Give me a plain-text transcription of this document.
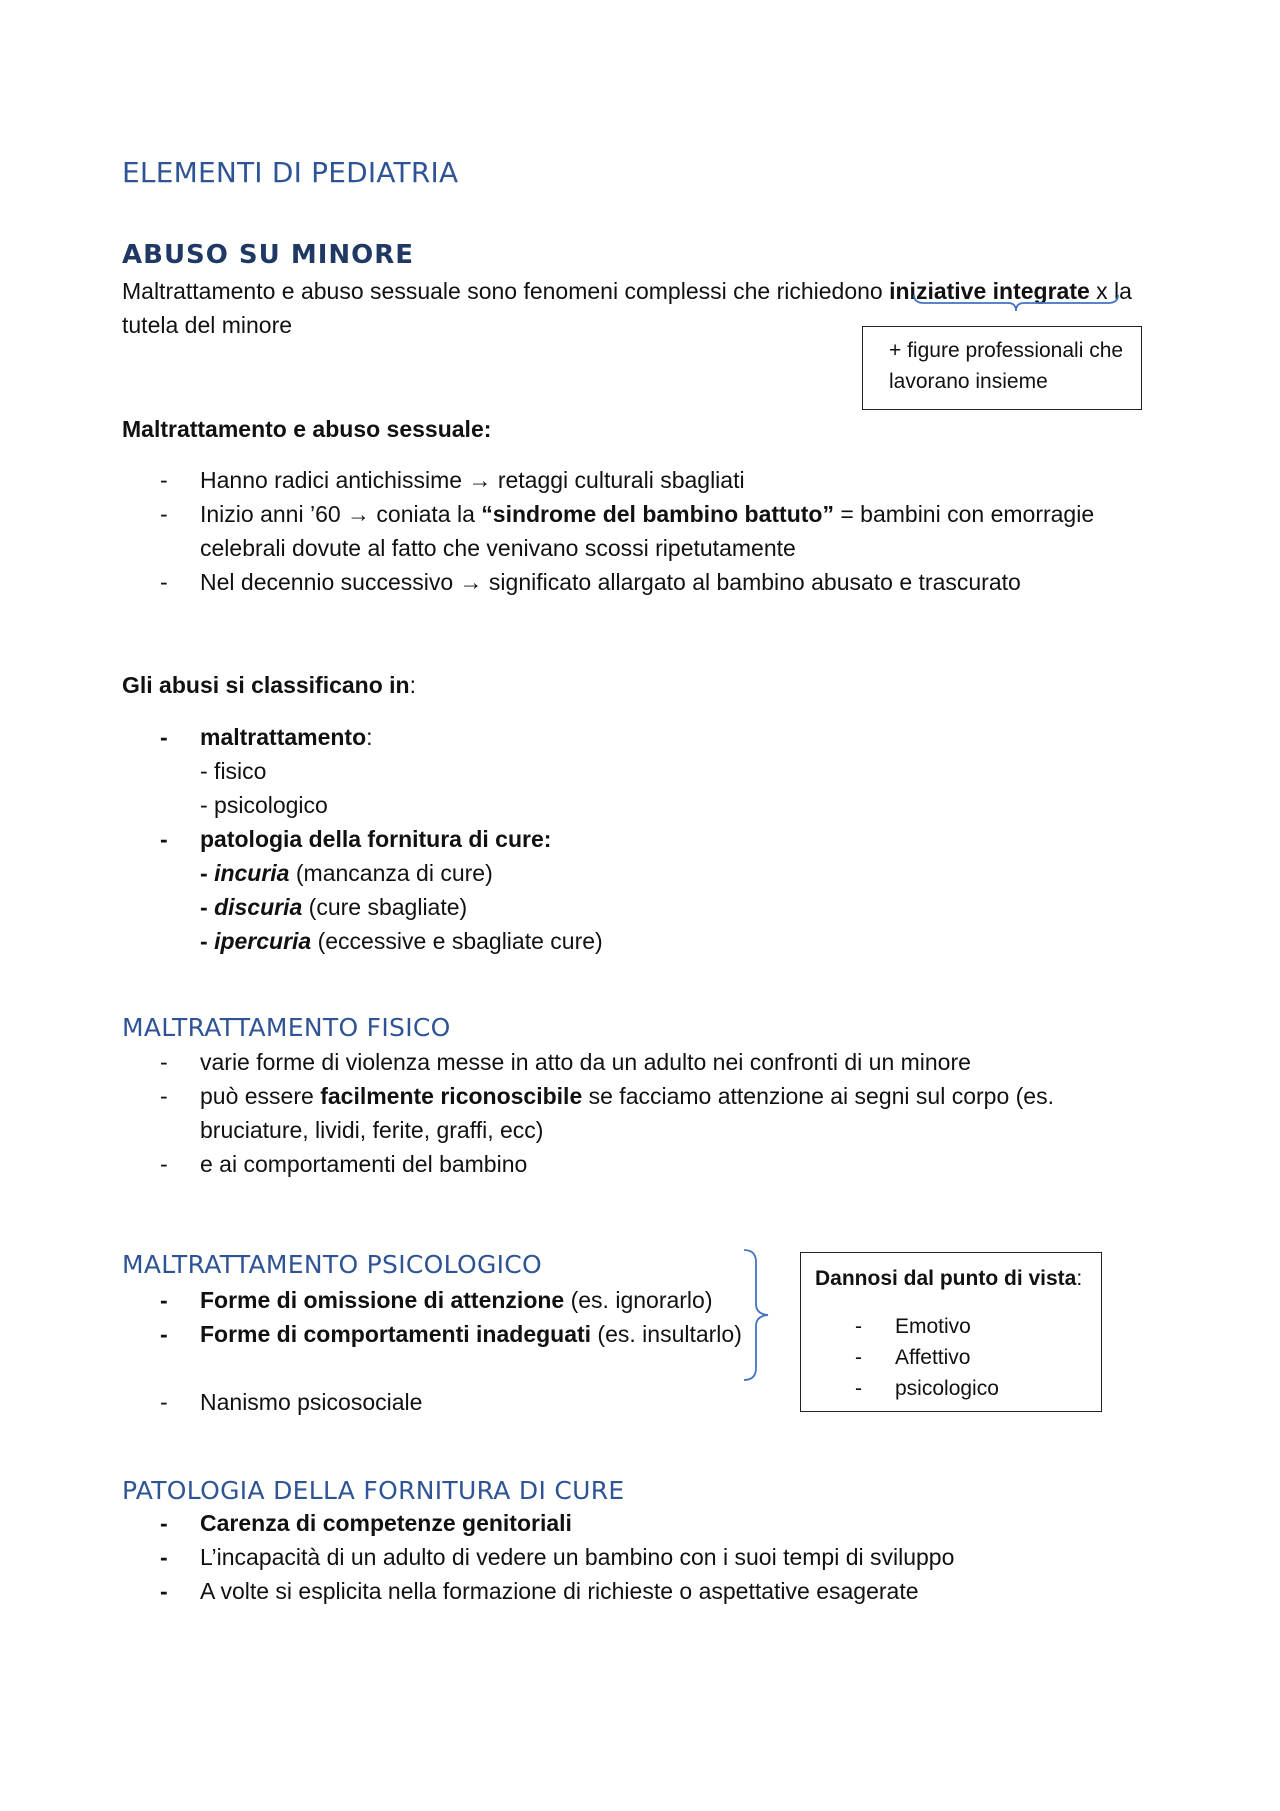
ELEMENTI DI PEDIATRIA
ABUSO SU MINORE
Maltrattamento e abuso sessuale sono fenomeni complessi che richiedono iniziative integrate x la
tutela del minore
+ figure professionali che lavorano insieme
Maltrattamento e abuso sessuale:
-	Hanno radici antichissime → retaggi culturali sbagliati
-	Inizio anni ’60 → coniata la “sindrome del bambino battuto” = bambini con emorragie celebrali dovute al fatto che venivano scossi ripetutamente
-	Nel decennio successivo → significato allargato al bambino abusato e trascurato
Gli abusi si classificano in:
-	maltrattamento:
- fisico
- psicologico
-	patologia della fornitura di cure:
- incuria (mancanza di cure)
- discuria (cure sbagliate)
- ipercuria (eccessive e sbagliate cure)
MALTRATTAMENTO FISICO
-	varie forme di violenza messe in atto da un adulto nei confronti di un minore
-	può essere facilmente riconoscibile se facciamo attenzione ai segni sul corpo (es. bruciature, lividi, ferite, graffi, ecc)
-	e ai comportamenti del bambino
MALTRATTAMENTO PSICOLOGICO
-	Forme di omissione di attenzione (es. ignorarlo)
-	Forme di comportamenti inadeguati (es. insultarlo)
-	Nanismo psicosociale
Dannosi dal punto di vista:
-	Emotivo
-	Affettivo
-	psicologico
PATOLOGIA DELLA FORNITURA DI CURE
-	Carenza di competenze genitoriali
-	L’incapacità di un adulto di vedere un bambino con i suoi tempi di sviluppo
-	A volte si esplicita nella formazione di richieste o aspettative esagerate
